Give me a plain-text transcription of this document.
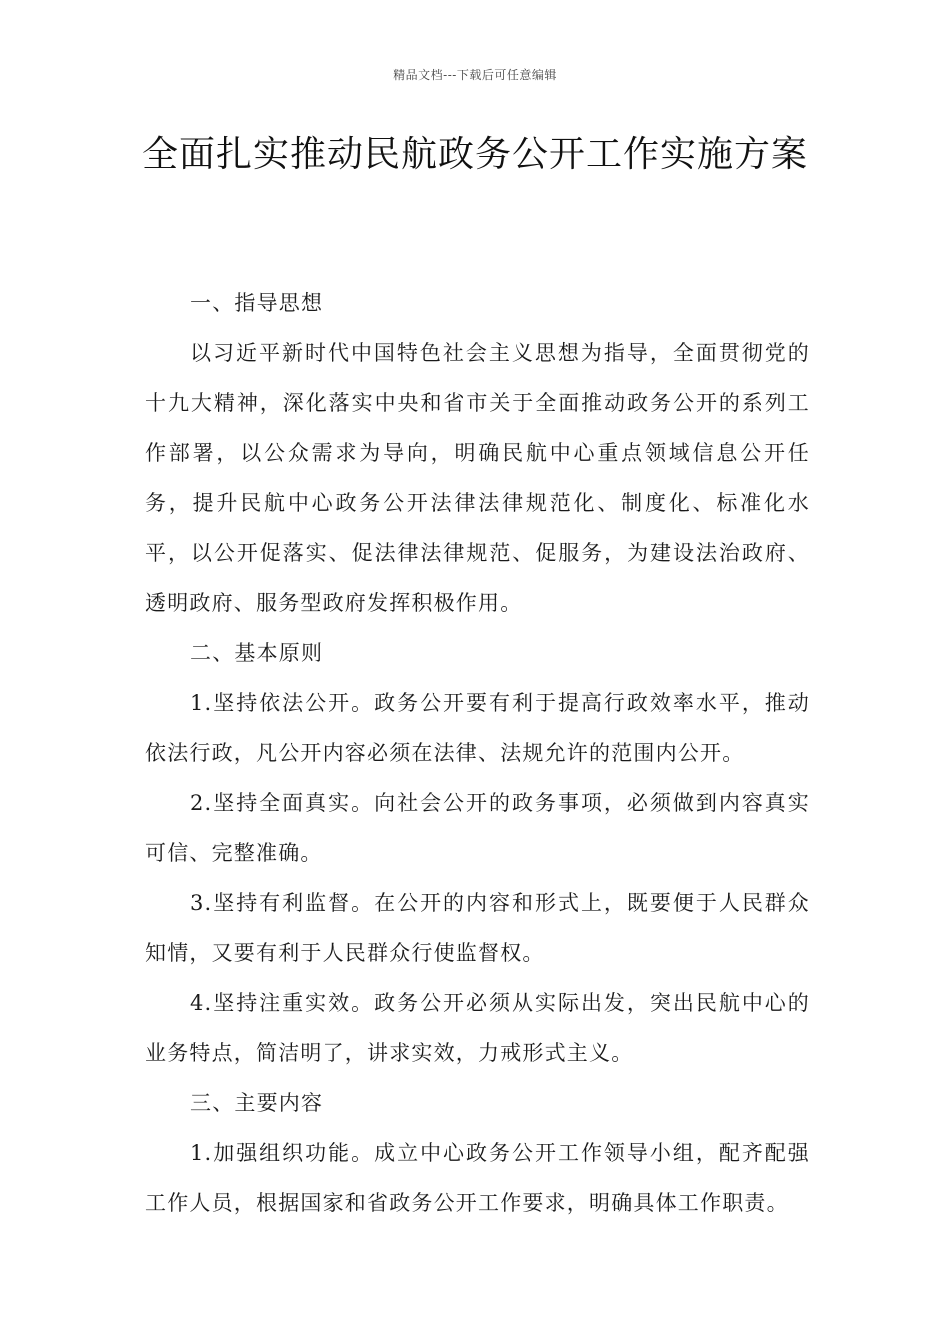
精品文档---下载后可任意编辑
全面扎实推动民航政务公开工作实施方案

一、指导思想

以习近平新时代中国特色社会主义思想为指导，全面贯彻党的十九大精神，深化落实中央和省市关于全面推动政务公开的系列工作部署，以公众需求为导向，明确民航中心重点领域信息公开任务，提升民航中心政务公开法律法律规范化、制度化、标准化水平，以公开促落实、促法律法律规范、促服务，为建设法治政府、透明政府、服务型政府发挥积极作用。

二、基本原则

1.坚持依法公开。政务公开要有利于提高行政效率水平，推动依法行政，凡公开内容必须在法律、法规允许的范围内公开。

2.坚持全面真实。向社会公开的政务事项，必须做到内容真实可信、完整准确。

3.坚持有利监督。在公开的内容和形式上，既要便于人民群众知情，又要有利于人民群众行使监督权。

4.坚持注重实效。政务公开必须从实际出发，突出民航中心的业务特点，简洁明了，讲求实效，力戒形式主义。

三、主要内容

1.加强组织功能。成立中心政务公开工作领导小组，配齐配强工作人员，根据国家和省政务公开工作要求，明确具体工作职责。
